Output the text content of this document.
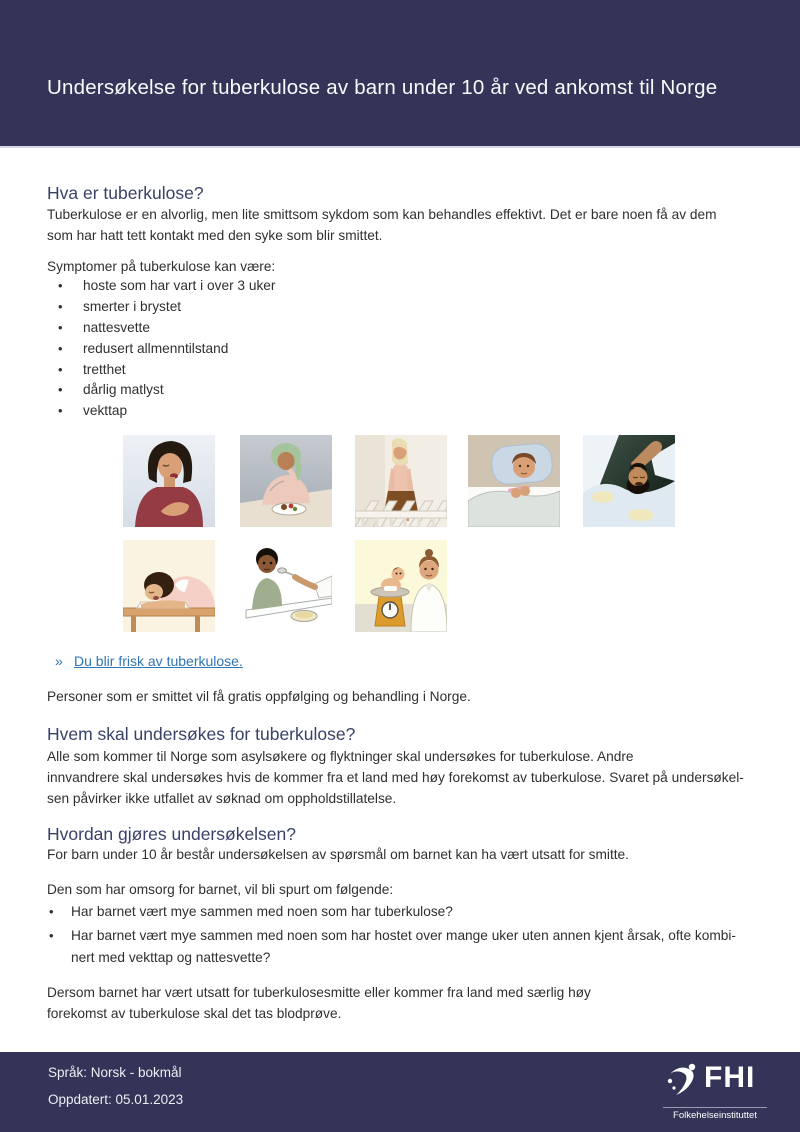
Undersøkelse for tuberkulose av barn under 10 år ved ankomst til Norge
Hva er tuberkulose?
Tuberkulose er en alvorlig, men lite smittsom sykdom som kan behandles effektivt. Det er bare noen få av dem
som har hatt tett kontakt med den syke som blir smittet.
Symptomer på tuberkulose kan være:
• hoste som har vart i over 3 uker
• smerter i brystet
• nattesvette
• redusert allmenntilstand
• tretthet
• dårlig matlyst
• vekttap
» Du blir frisk av tuberkulose.
Personer som er smittet vil få gratis oppfølging og behandling i Norge.
Hvem skal undersøkes for tuberkulose?
Alle som kommer til Norge som asylsøkere og flyktninger skal undersøkes for tuberkulose. Andre
innvandrere skal undersøkes hvis de kommer fra et land med høy forekomst av tuberkulose. Svaret på undersøkel-
sen påvirker ikke utfallet av søknad om oppholdstillatelse.
Hvordan gjøres undersøkelsen?
For barn under 10 år består undersøkelsen av spørsmål om barnet kan ha vært utsatt for smitte.
Den som har omsorg for barnet, vil bli spurt om følgende:
• Har barnet vært mye sammen med noen som har tuberkulose?
• Har barnet vært mye sammen med noen som har hostet over mange uker uten annen kjent årsak, ofte kombi-
nert med vekttap og nattesvette?
Dersom barnet har vært utsatt for tuberkulosesmitte eller kommer fra land med særlig høy
forekomst av tuberkulose skal det tas blodprøve.
Språk: Norsk - bokmål
Oppdatert: 05.01.2023
FHI
Folkehelseinstituttet
